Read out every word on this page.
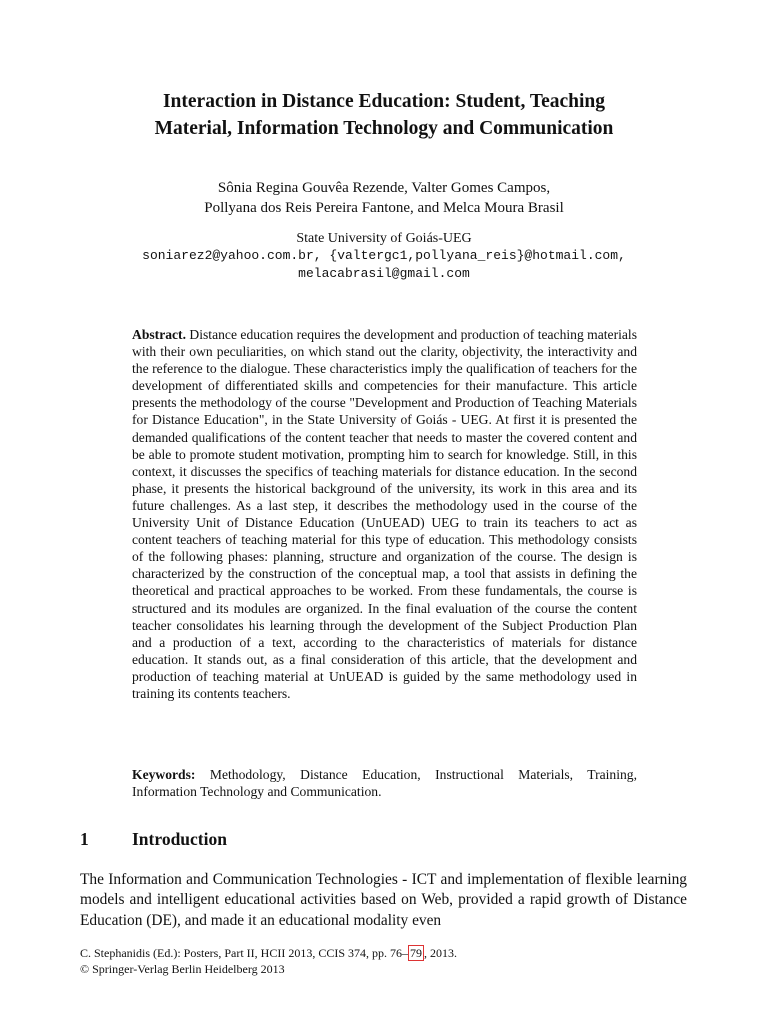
Interaction in Distance Education: Student, Teaching
Material, Information Technology and Communication
Sônia Regina Gouvêa Rezende, Valter Gomes Campos,
Pollyana dos Reis Pereira Fantone, and Melca Moura Brasil
State University of Goiás-UEG
soniarez2@yahoo.com.br, {valtergc1,pollyana_reis}@hotmail.com,
melacabrasil@gmail.com
Abstract. Distance education requires the development and production of teaching materials with their own peculiarities, on which stand out the clarity, objectivity, the interactivity and the reference to the dialogue. These characteristics imply the qualification of teachers for the development of differentiated skills and competencies for their manufacture. This article presents the methodology of the course "Development and Production of Teaching Materials for Distance Education", in the State University of Goiás - UEG. At first it is presented the demanded qualifications of the content teacher that needs to master the covered content and be able to promote student motivation, prompting him to search for knowledge. Still, in this context, it discusses the specifics of teaching materials for distance education. In the second phase, it presents the historical background of the university, its work in this area and its future challenges. As a last step, it describes the methodology used in the course of the University Unit of Distance Education (UnUEAD) UEG to train its teachers to act as content teachers of teaching material for this type of education. This methodology consists of the following phases: planning, structure and organization of the course. The design is characterized by the construction of the conceptual map, a tool that assists in defining the theoretical and practical approaches to be worked. From these fundamentals, the course is structured and its modules are organized. In the final evaluation of the course the content teacher consolidates his learning through the development of the Subject Production Plan and a production of a text, according to the characteristics of materials for distance education. It stands out, as a final consideration of this article, that the development and production of teaching material at UnUEAD is guided by the same methodology used in training its contents teachers.
Keywords: Methodology, Distance Education, Instructional Materials, Training, Information Technology and Communication.
1 Introduction
The Information and Communication Technologies - ICT and implementation of flexible learning models and intelligent educational activities based on Web, provided a rapid growth of Distance Education (DE), and made it an educational modality even
C. Stephanidis (Ed.): Posters, Part II, HCII 2013, CCIS 374, pp. 76– 79 , 2013.
© Springer-Verlag Berlin Heidelberg 2013
